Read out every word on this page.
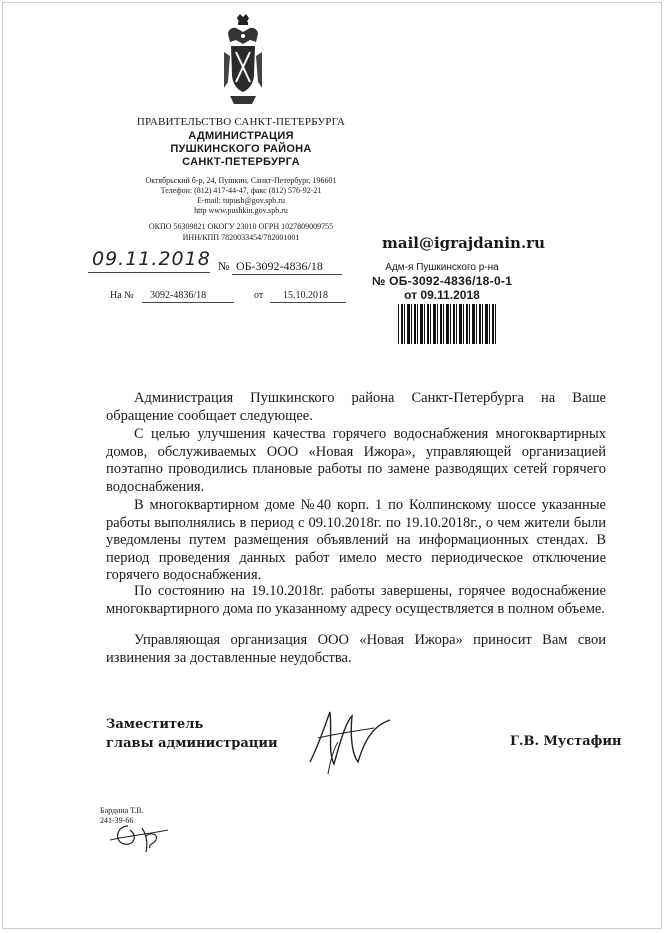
ПРАВИТЕЛЬСТВО САНКТ-ПЕТЕРБУРГА
АДМИНИСТРАЦИЯ
ПУШКИНСКОГО РАЙОНА
САНКТ-ПЕТЕРБУРГА
Октябрьский б-р, 24, Пушкин, Санкт-Петербург, 196601
Телефон: (812) 417-44-47, факс (812) 576-92-21
E-mail: tupush@gov.spb.ru
http www.pushkin.gov.spb.ru
ОКПО 56309821 ОКОГУ 23010 ОГРН 1027809009755
ИНН/КПП 7820033454/782001001
09.11.2018 № ОБ-3092-4836/18
На № 3092-4836/18	от 15.10.2018
mail@igrajdanin.ru
Адм-я Пушкинского р-на
№ ОБ-3092-4836/18-0-1
от 09.11.2018
Администрация Пушкинского района Санкт-Петербурга на Ваше обращение сообщает следующее.
С целью улучшения качества горячего водоснабжения многоквартирных домов, обслуживаемых ООО «Новая Ижора», управляющей организацией поэтапно проводились плановые работы по замене разводящих сетей горячего водоснабжения.
В многоквартирном доме №40 корп. 1 по Колпинскому шоссе указанные работы выполнялись в период с 09.10.2018г. по 19.10.2018г., о чем жители были уведомлены путем размещения объявлений на информационных стендах. В период проведения данных работ имело место периодическое отключение горячего водоснабжения.
По состоянию на 19.10.2018г. работы завершены, горячее водоснабжение многоквартирного дома по указанному адресу осуществляется в полном объеме.
Управляющая организация ООО «Новая Ижора» приносит Вам свои извинения за доставленные неудобства.
Заместитель
главы администрации	Г.В. Мустафин
Бардина Т.В.
241-39-66
